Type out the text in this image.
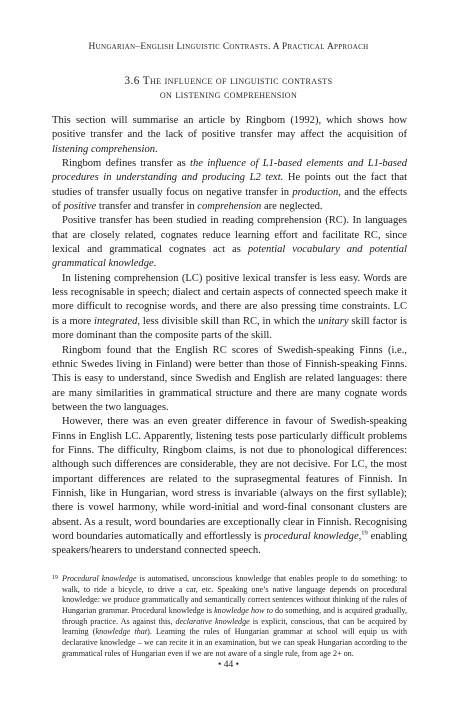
Hungarian–English Linguistic Contrasts. A Practical Approach
3.6 The influence of linguistic contrasts
on listening comprehension

This section will summarise an article by Ringbom (1992), which shows how positive transfer and the lack of positive transfer may affect the acquisition of listening comprehension.

Ringbom defines transfer as the influence of L1-based elements and L1-based procedures in understanding and producing L2 text. He points out the fact that studies of transfer usually focus on negative transfer in production, and the effects of positive transfer and transfer in comprehension are neglected.

Positive transfer has been studied in reading comprehension (RC). In languages that are closely related, cognates reduce learning effort and facilitate RC, since lexical and grammatical cognates act as potential vocabulary and potential grammatical knowledge.

In listening comprehension (LC) positive lexical transfer is less easy. Words are less recognisable in speech; dialect and certain aspects of connected speech make it more difficult to recognise words, and there are also pressing time constraints. LC is a more integrated, less divisible skill than RC, in which the unitary skill factor is more dominant than the composite parts of the skill.

Ringbom found that the English RC scores of Swedish-speaking Finns (i.e., ethnic Swedes living in Finland) were better than those of Finnish-speaking Finns. This is easy to understand, since Swedish and English are related languages: there are many similarities in grammatical structure and there are many cognate words between the two languages.

However, there was an even greater difference in favour of Swedish-speaking Finns in English LC. Apparently, listening tests pose particularly difficult problems for Finns. The difficulty, Ringbom claims, is not due to phonological differences: although such differences are considerable, they are not decisive. For LC, the most important differences are related to the suprasegmental features of Finnish. In Finnish, like in Hungarian, word stress is invariable (always on the first syllable); there is vowel harmony, while word-initial and word-final consonant clusters are absent. As a result, word boundaries are exceptionally clear in Finnish. Recognising word boundaries automatically and effortlessly is procedural knowledge,$^{19}$ enabling speakers/hearers to understand connected speech.

19 Procedural knowledge is automatised, unconscious knowledge that enables people to do something: to walk, to ride a bicycle, to drive a car, etc. Speaking one’s native language depends on procedural knowledge: we produce grammatically and semantically correct sentences without thinking of the rules of Hungarian grammar. Procedural knowledge is knowledge how to do something, and is acquired gradually, through practice. As against this, declarative knowledge is explicit, conscious, that can be acquired by learning (knowledge that). Learning the rules of Hungarian grammar at school will equip us with declarative knowledge – we can recite it in an examination, but we can speak Hungarian according to the grammatical rules of Hungarian even if we are not aware of a single rule, from age 2+ on.
• 44 •
